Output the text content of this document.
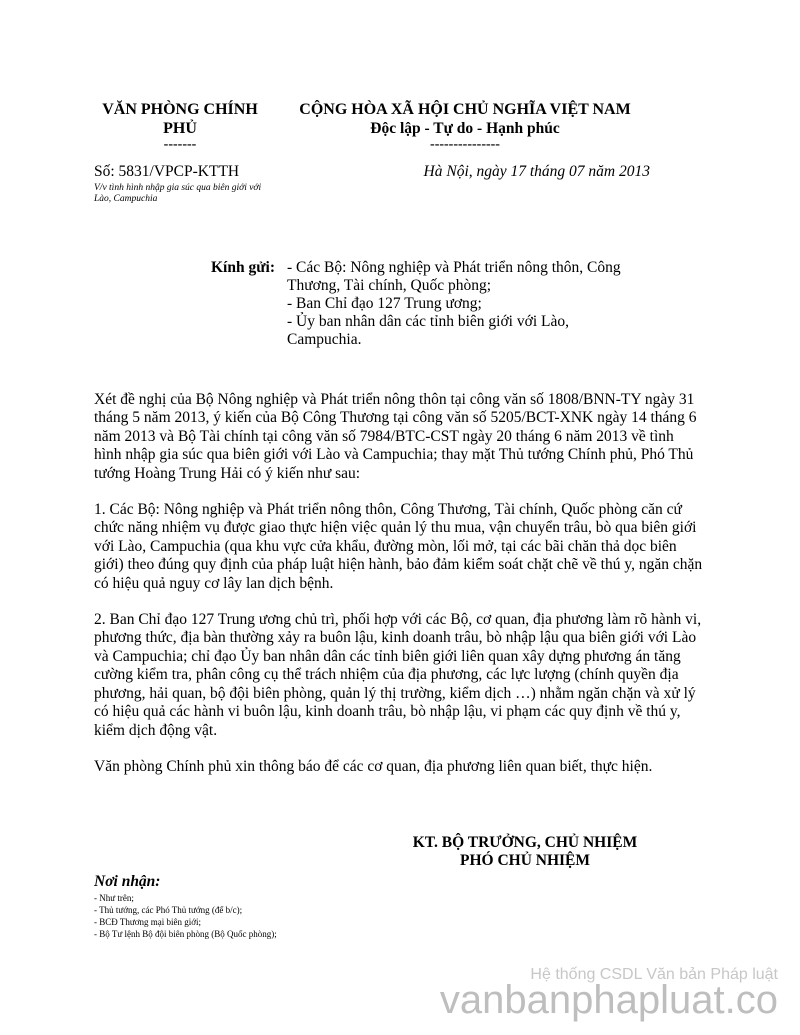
VĂN PHÒNG CHÍNH PHỦ
-------
CỘNG HÒA XÃ HỘI CHỦ NGHĨA VIỆT NAM
Độc lập - Tự do - Hạnh phúc
---------------
Số: 5831/VPCP-KTTH
V/v tình hình nhập gia súc qua biên giới với Lào, Campuchia
Hà Nội, ngày 17 tháng 07 năm 2013
Kính gửi: - Các Bộ: Nông nghiệp và Phát triển nông thôn, Công Thương, Tài chính, Quốc phòng;
- Ban Chỉ đạo 127 Trung ương;
- Ủy ban nhân dân các tỉnh biên giới với Lào, Campuchia.

Xét đề nghị của Bộ Nông nghiệp và Phát triển nông thôn tại công văn số 1808/BNN-TY ngày 31 tháng 5 năm 2013, ý kiến của Bộ Công Thương tại công văn số 5205/BCT-XNK ngày 14 tháng 6 năm 2013 và Bộ Tài chính tại công văn số 7984/BTC-CST ngày 20 tháng 6 năm 2013 về tình hình nhập gia súc qua biên giới với Lào và Campuchia; thay mặt Thủ tướng Chính phủ, Phó Thủ tướng Hoàng Trung Hải có ý kiến như sau:

1. Các Bộ: Nông nghiệp và Phát triển nông thôn, Công Thương, Tài chính, Quốc phòng căn cứ chức năng nhiệm vụ được giao thực hiện việc quản lý thu mua, vận chuyển trâu, bò qua biên giới với Lào, Campuchia (qua khu vực cửa khẩu, đường mòn, lối mở, tại các bãi chăn thả dọc biên giới) theo đúng quy định của pháp luật hiện hành, bảo đảm kiểm soát chặt chẽ về thú y, ngăn chặn có hiệu quả nguy cơ lây lan dịch bệnh.

2. Ban Chỉ đạo 127 Trung ương chủ trì, phối hợp với các Bộ, cơ quan, địa phương làm rõ hành vi, phương thức, địa bàn thường xảy ra buôn lậu, kinh doanh trâu, bò nhập lậu qua biên giới với Lào và Campuchia; chỉ đạo Ủy ban nhân dân các tỉnh biên giới liên quan xây dựng phương án tăng cường kiểm tra, phân công cụ thể trách nhiệm của địa phương, các lực lượng (chính quyền địa phương, hải quan, bộ đội biên phòng, quản lý thị trường, kiểm dịch …) nhằm ngăn chặn và xử lý có hiệu quả các hành vi buôn lậu, kinh doanh trâu, bò nhập lậu, vi phạm các quy định về thú y, kiểm dịch động vật.

Văn phòng Chính phủ xin thông báo để các cơ quan, địa phương liên quan biết, thực hiện.

KT. BỘ TRƯỞNG, CHỦ NHIỆM
PHÓ CHỦ NHIỆM
Nơi nhận:
- Như trên;
- Thủ tướng, các Phó Thủ tướng (để b/c);
- BCĐ Thương mại biên giới;
- Bộ Tư lệnh Bộ đội biên phòng (Bộ Quốc phòng);
Hệ thống CSDL Văn bản Pháp luật
vanbanphapluat.co
